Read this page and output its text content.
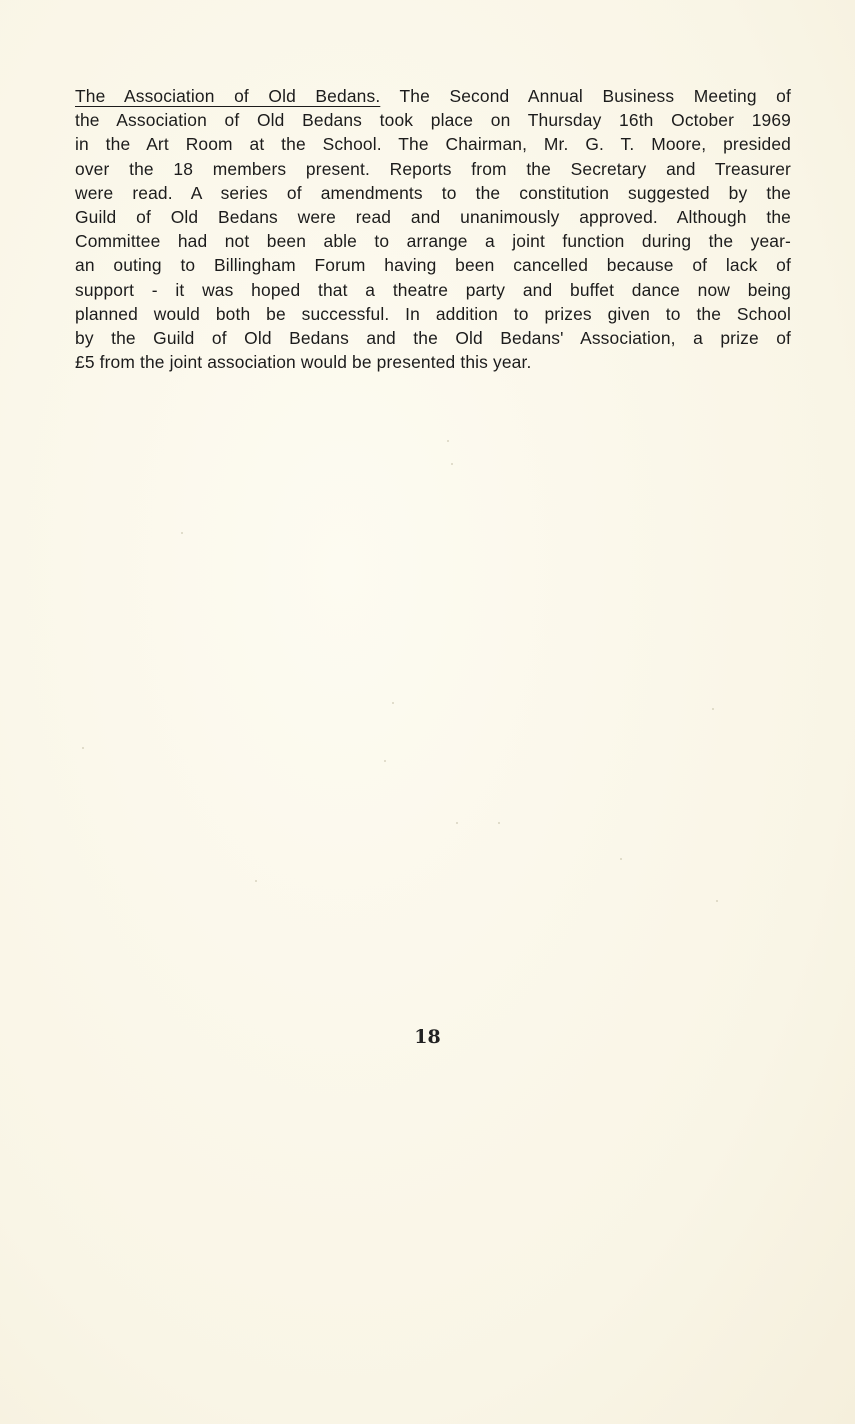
The Association of Old Bedans. The Second Annual Business Meeting of
the Association of Old Bedans took place on Thursday 16th October 1969
in the Art Room at the School. The Chairman, Mr. G. T. Moore, presided
over the 18 members present. Reports from the Secretary and Treasurer
were read. A series of amendments to the constitution suggested by the
Guild of Old Bedans were read and unanimously approved. Although the
Committee had not been able to arrange a joint function during the year-
an outing to Billingham Forum having been cancelled because of lack of
support - it was hoped that a theatre party and buffet dance now being
planned would both be successful. In addition to prizes given to the School
by the Guild of Old Bedans and the Old Bedans' Association, a prize of
£5 from the joint association would be presented this year.
18
